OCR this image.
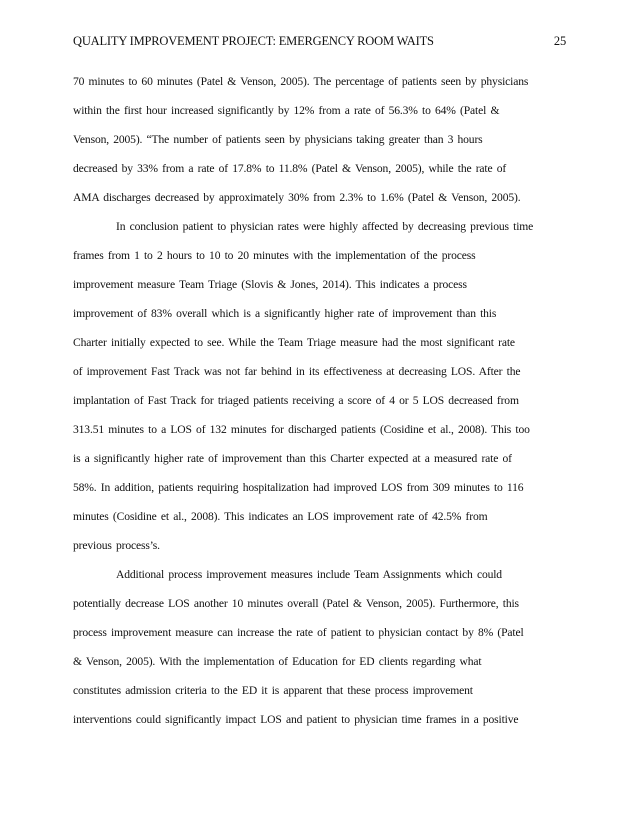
QUALITY IMPROVEMENT PROJECT: EMERGENCY ROOM WAITS	25
70 minutes to 60 minutes (Patel & Venson, 2005). The percentage of patients seen by physicians
within the first hour increased significantly by 12% from a rate of 56.3% to 64% (Patel &
Venson, 2005). “The number of patients seen by physicians taking greater than 3 hours
decreased by 33% from a rate of 17.8% to 11.8% (Patel & Venson, 2005), while the rate of
AMA discharges decreased by approximately 30% from 2.3% to 1.6% (Patel & Venson, 2005).
In conclusion patient to physician rates were highly affected by decreasing previous time
frames from 1 to 2 hours to 10 to 20 minutes with the implementation of the process
improvement measure Team Triage (Slovis & Jones, 2014). This indicates a process
improvement of 83% overall which is a significantly higher rate of improvement than this
Charter initially expected to see. While the Team Triage measure had the most significant rate
of improvement Fast Track was not far behind in its effectiveness at decreasing LOS. After the
implantation of Fast Track for triaged patients receiving a score of 4 or 5 LOS decreased from
313.51 minutes to a LOS of 132 minutes for discharged patients (Cosidine et al., 2008). This too
is a significantly higher rate of improvement than this Charter expected at a measured rate of
58%. In addition, patients requiring hospitalization had improved LOS from 309 minutes to 116
minutes (Cosidine et al., 2008). This indicates an LOS improvement rate of 42.5% from
previous process’s.
Additional process improvement measures include Team Assignments which could
potentially decrease LOS another 10 minutes overall (Patel & Venson, 2005). Furthermore, this
process improvement measure can increase the rate of patient to physician contact by 8% (Patel
& Venson, 2005). With the implementation of Education for ED clients regarding what
constitutes admission criteria to the ED it is apparent that these process improvement
interventions could significantly impact LOS and patient to physician time frames in a positive
